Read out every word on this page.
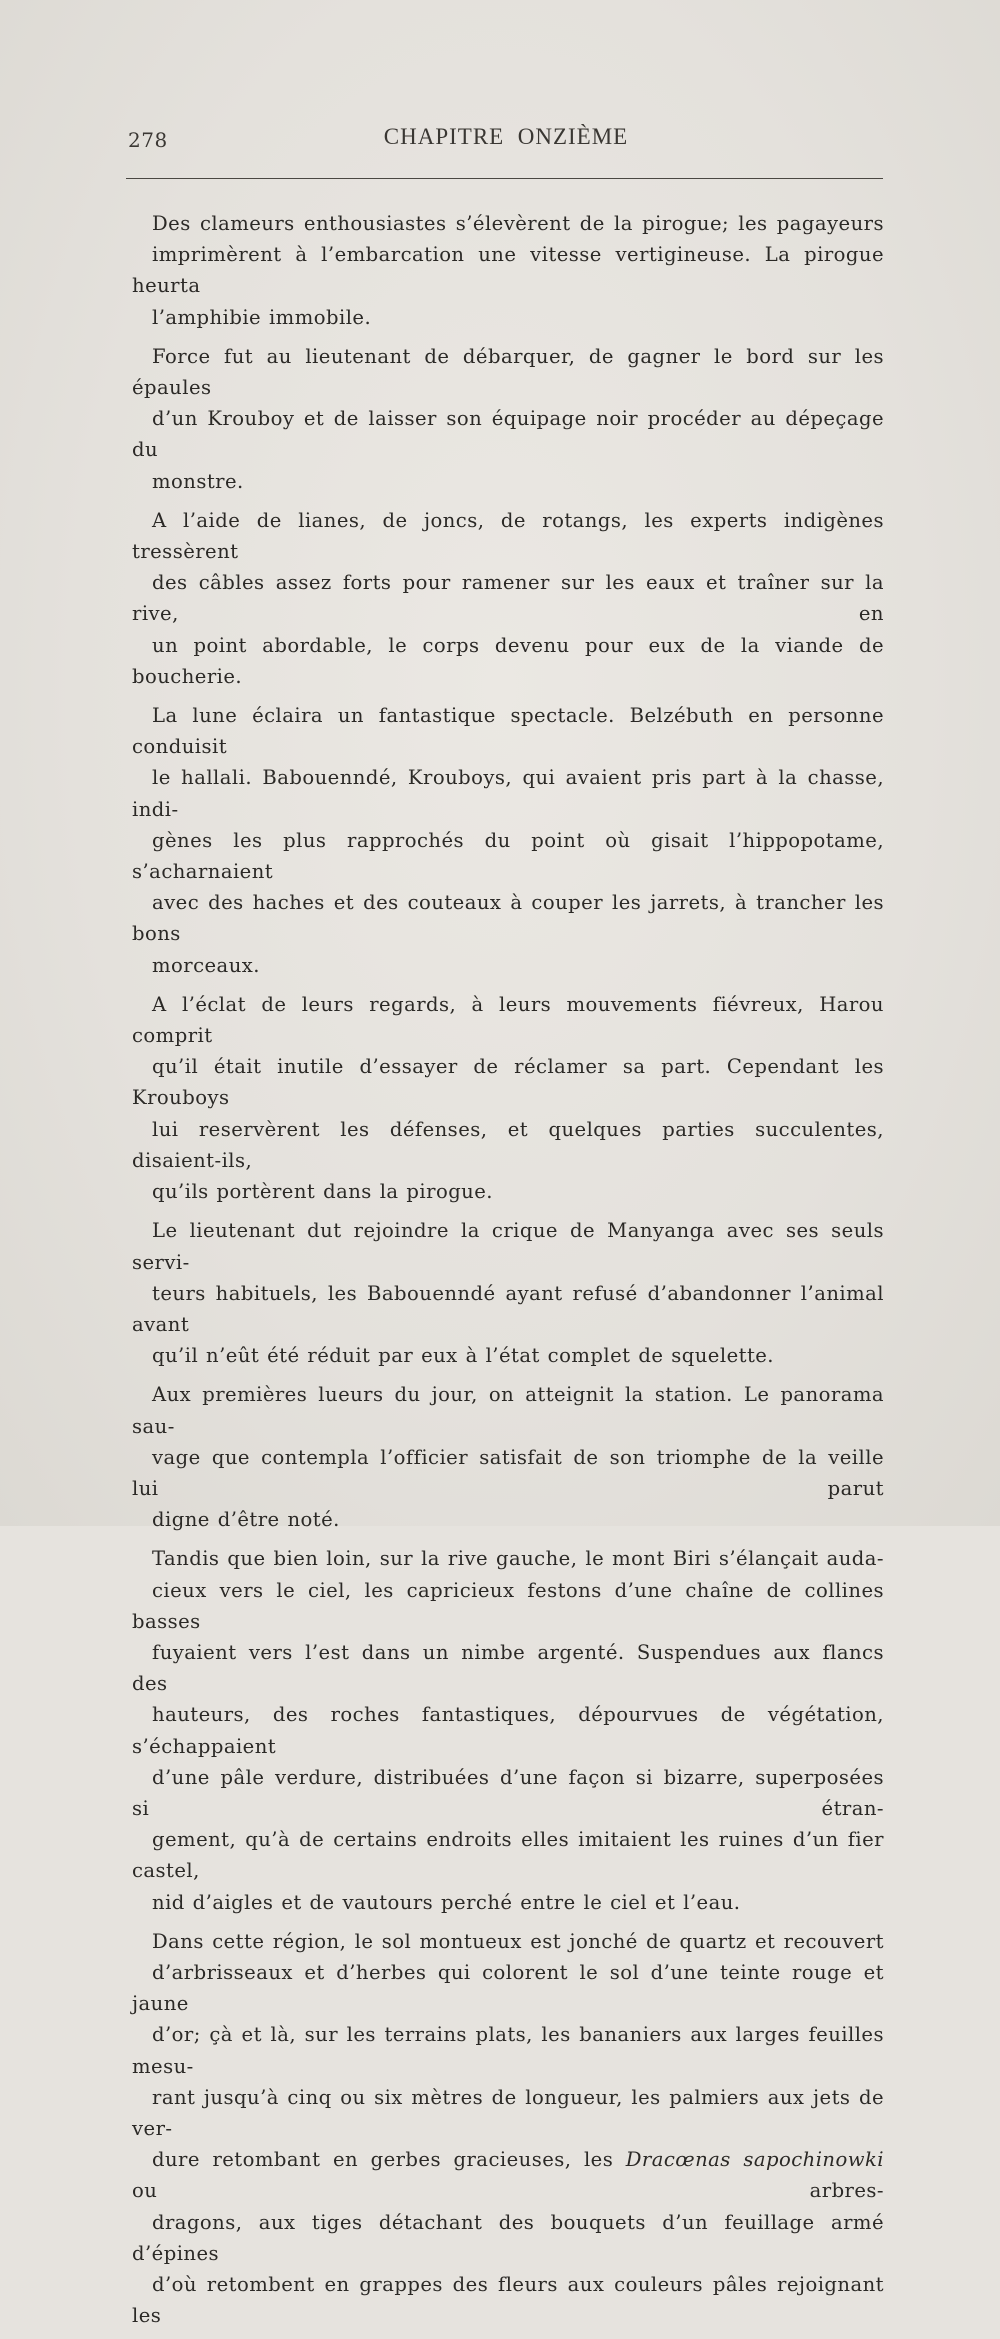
278	CHAPITRE  ONZIÈME

Des clameurs enthousiastes s’élevèrent de la pirogue; les pagayeurs
imprimèrent à l’embarcation une vitesse vertigineuse. La pirogue heurta
l’amphibie immobile.

Force fut au lieutenant de débarquer, de gagner le bord sur les épaules
d’un Krouboy et de laisser son équipage noir procéder au dépeçage du
monstre.

A l’aide de lianes, de joncs, de rotangs, les experts indigènes tressèrent
des câbles assez forts pour ramener sur les eaux et traîner sur la rive, en
un point abordable, le corps devenu pour eux de la viande de boucherie.

La lune éclaira un fantastique spectacle. Belzébuth en personne conduisit
le hallali. Babouenndé, Krouboys, qui avaient pris part à la chasse, indi-
gènes les plus rapprochés du point où gisait l’hippopotame, s’acharnaient
avec des haches et des couteaux à couper les jarrets, à trancher les bons
morceaux.

A l’éclat de leurs regards, à leurs mouvements fiévreux, Harou comprit
qu’il était inutile d’essayer de réclamer sa part. Cependant les Krouboys
lui reservèrent les défenses, et quelques parties succulentes, disaient-ils,
qu’ils portèrent dans la pirogue.

Le lieutenant dut rejoindre la crique de Manyanga avec ses seuls servi-
teurs habituels, les Babouenndé ayant refusé d’abandonner l’animal avant
qu’il n’eût été réduit par eux à l’état complet de squelette.

Aux premières lueurs du jour, on atteignit la station. Le panorama sau-
vage que contempla l’officier satisfait de son triomphe de la veille lui parut
digne d’être noté.

Tandis que bien loin, sur la rive gauche, le mont Biri s’élançait auda-
cieux vers le ciel, les capricieux festons d’une chaîne de collines basses
fuyaient vers l’est dans un nimbe argenté. Suspendues aux flancs des
hauteurs, des roches fantastiques, dépourvues de végétation, s’échappaient
d’une pâle verdure, distribuées d’une façon si bizarre, superposées si étran-
gement, qu’à de certains endroits elles imitaient les ruines d’un fier castel,
nid d’aigles et de vautours perché entre le ciel et l’eau.

Dans cette région, le sol montueux est jonché de quartz et recouvert
d’arbrisseaux et d’herbes qui colorent le sol d’une teinte rouge et jaune
d’or; çà et là, sur les terrains plats, les bananiers aux larges feuilles mesu-
rant jusqu’à cinq ou six mètres de longueur, les palmiers aux jets de ver-
dure retombant en gerbes gracieuses, les Dracœnas sapochinowki ou arbres-
dragons, aux tiges détachant des bouquets d’un feuillage armé d’épines
d’où retombent en grappes des fleurs aux couleurs pâles rejoignant les
